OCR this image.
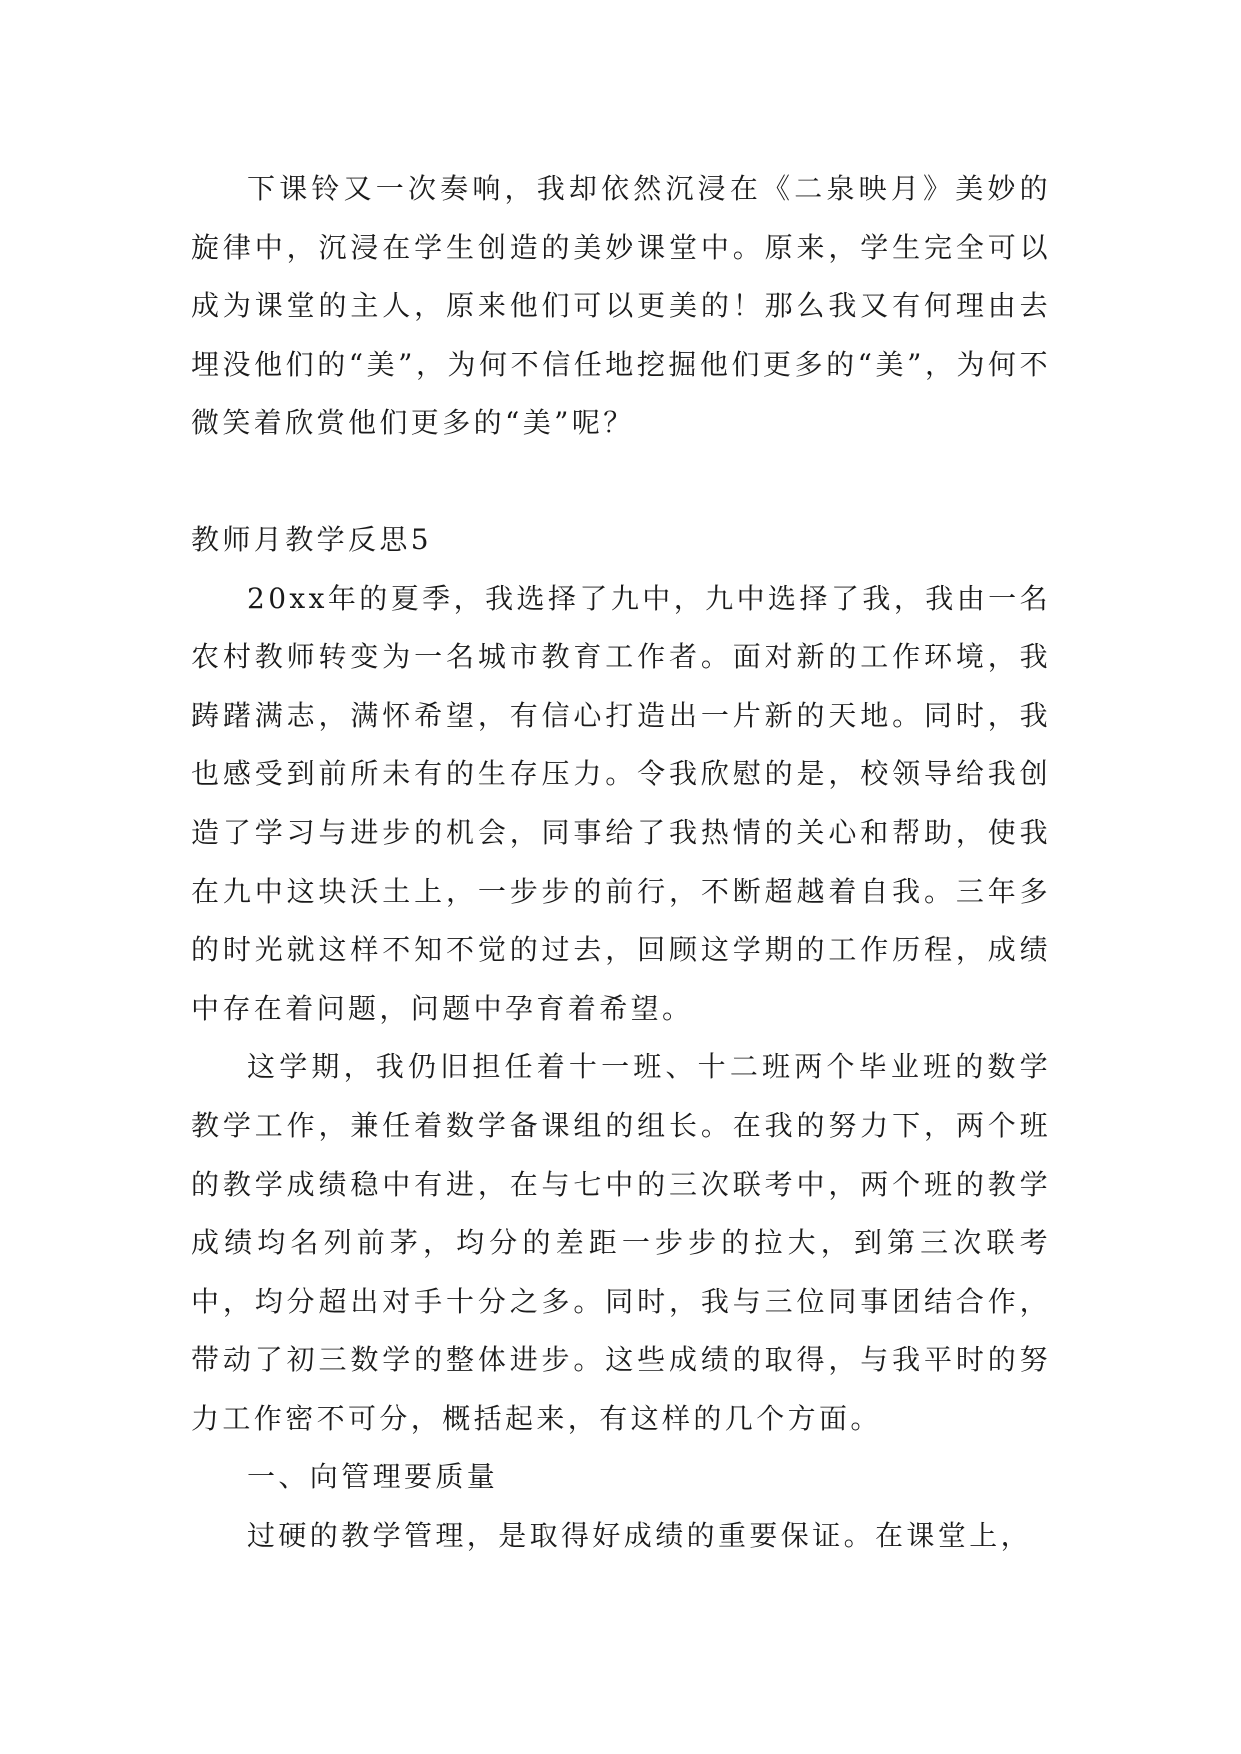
下课铃又一次奏响，我却依然沉浸在《二泉映月》美妙的旋律中，沉浸在学生创造的美妙课堂中。原来，学生完全可以成为课堂的主人，原来他们可以更美的！那么我又有何理由去埋没他们的“美”，为何不信任地挖掘他们更多的“美”，为何不微笑着欣赏他们更多的“美”呢？

教师月教学反思5

20xx年的夏季，我选择了九中，九中选择了我，我由一名农村教师转变为一名城市教育工作者。面对新的工作环境，我踌躇满志，满怀希望，有信心打造出一片新的天地。同时，我也感受到前所未有的生存压力。令我欣慰的是，校领导给我创造了学习与进步的机会，同事给了我热情的关心和帮助，使我在九中这块沃土上，一步步的前行，不断超越着自我。三年多的时光就这样不知不觉的过去，回顾这学期的工作历程，成绩中存在着问题，问题中孕育着希望。

这学期，我仍旧担任着十一班、十二班两个毕业班的数学教学工作，兼任着数学备课组的组长。在我的努力下，两个班的教学成绩稳中有进，在与七中的三次联考中，两个班的教学成绩均名列前茅，均分的差距一步步的拉大，到第三次联考中，均分超出对手十分之多。同时，我与三位同事团结合作，带动了初三数学的整体进步。这些成绩的取得，与我平时的努力工作密不可分，概括起来，有这样的几个方面。

一、向管理要质量

过硬的教学管理，是取得好成绩的重要保证。在课堂上，
